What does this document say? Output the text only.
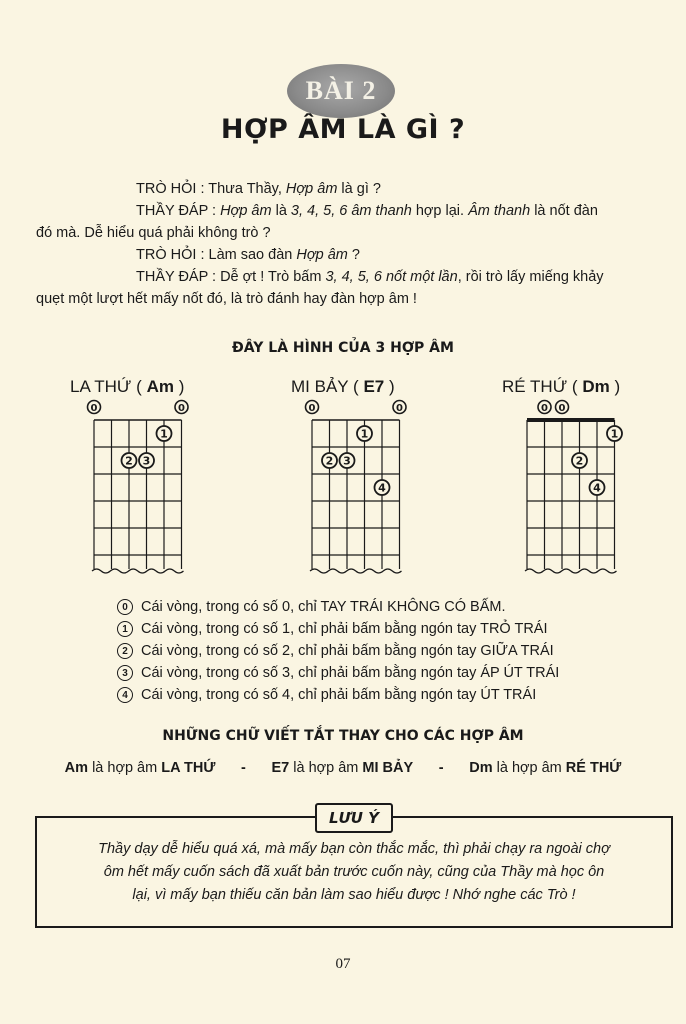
BÀI 2
HỢP ÂM LÀ GÌ ?
TRÒ HỎI : Thưa Thầy, Hợp âm là gì ?
THẦY ĐÁP : Hợp âm là 3, 4, 5, 6 âm thanh hợp lại. Âm thanh là nốt đàn
đó mà. Dễ hiểu quá phải không trò ?
TRÒ HỎI : Làm sao đàn Hợp âm ?
THẦY ĐÁP : Dễ ợt ! Trò bấm 3, 4, 5, 6 nốt một lần, rồi trò lấy miếng khảy
quẹt một lượt hết mấy nốt đó, là trò đánh hay đàn hợp âm !
ĐÂY LÀ HÌNH CỦA 3 HỢP ÂM
LA THỨ ( Am )	MI BẢY ( E7 )	RÉ THỨ ( Dm )
0	0
1
2 3
0	0
1
2 3
4
0 0
1
2
4
0 Cái vòng, trong có số 0, chỉ TAY TRÁI KHÔNG CÓ BẤM.
1 Cái vòng, trong có số 1, chỉ phải bấm bằng ngón tay TRỎ TRÁI
2 Cái vòng, trong có số 2, chỉ phải bấm bằng ngón tay GIỮA TRÁI
3 Cái vòng, trong có số 3, chỉ phải bấm bằng ngón tay ÁP ÚT TRÁI
4 Cái vòng, trong có số 4, chỉ phải bấm bằng ngón tay ÚT TRÁI
NHỮNG CHỮ VIẾT TẮT THAY CHO CÁC HỢP ÂM
Am là hợp âm LA THỨ - E7 là hợp âm MI BẢY - Dm là hợp âm RÉ THỨ
LƯU Ý
Thầy dạy dễ hiểu quá xá, mà mấy bạn còn thắc mắc, thì phải chạy ra ngoài chợ
ôm hết mấy cuốn sách đã xuất bản trước cuốn này, cũng của Thầy mà học ôn
lại, vì mấy bạn thiếu căn bản làm sao hiểu được ! Nhớ nghe các Trò !
07
